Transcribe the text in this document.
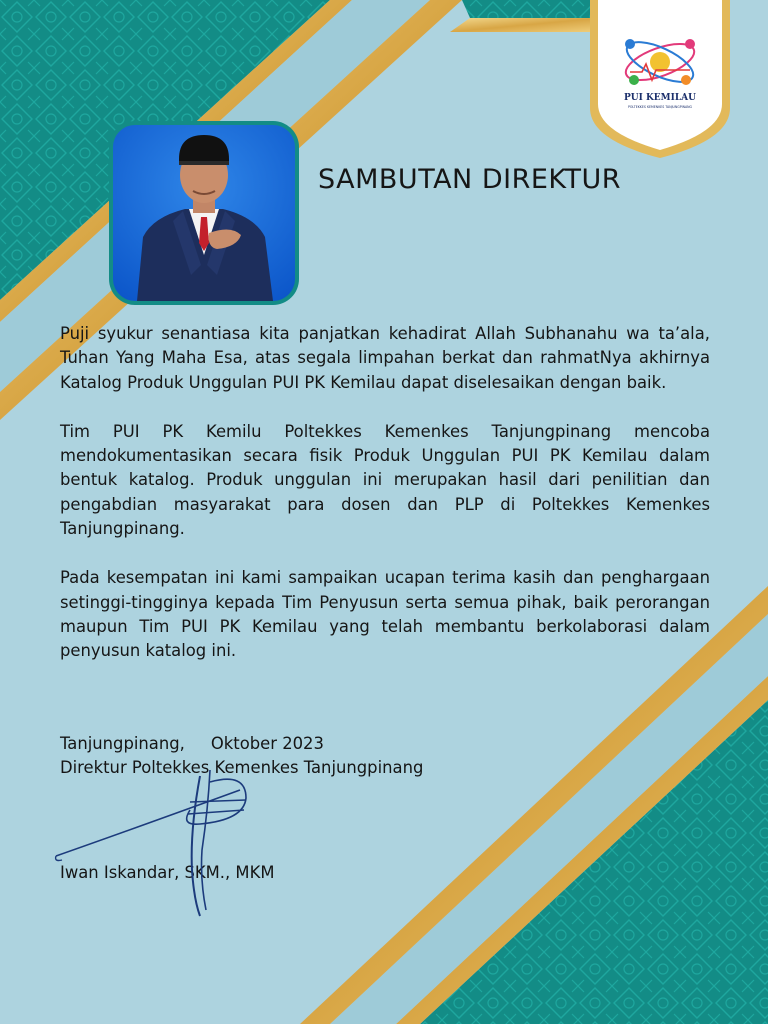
PUI KEMILAU
POLTEKKES KEMENKES TANJUNGPINANG
SAMBUTAN DIREKTUR

Puji syukur senantiasa kita panjatkan kehadirat Allah Subhanahu wa ta’ala, Tuhan Yang Maha Esa, atas segala limpahan berkat dan rahmatNya akhirnya Katalog Produk Unggulan PUI PK Kemilau dapat diselesaikan dengan baik.

Tim PUI PK Kemilu Poltekkes Kemenkes Tanjungpinang mencoba mendokumentasikan secara fisik Produk Unggulan PUI PK Kemilau dalam bentuk katalog. Produk unggulan ini merupakan hasil dari penilitian dan pengabdian masyarakat para dosen dan PLP di Poltekkes Kemenkes Tanjungpinang.

Pada kesempatan ini kami sampaikan ucapan terima kasih dan penghargaan setinggi-tingginya kepada Tim Penyusun serta semua pihak, baik perorangan maupun Tim PUI PK Kemilau yang telah membantu berkolaborasi dalam penyusun katalog ini.

Tanjungpinang,     Oktober 2023
Direktur Poltekkes Kemenkes Tanjungpinang
Iwan Iskandar, SKM., MKM
